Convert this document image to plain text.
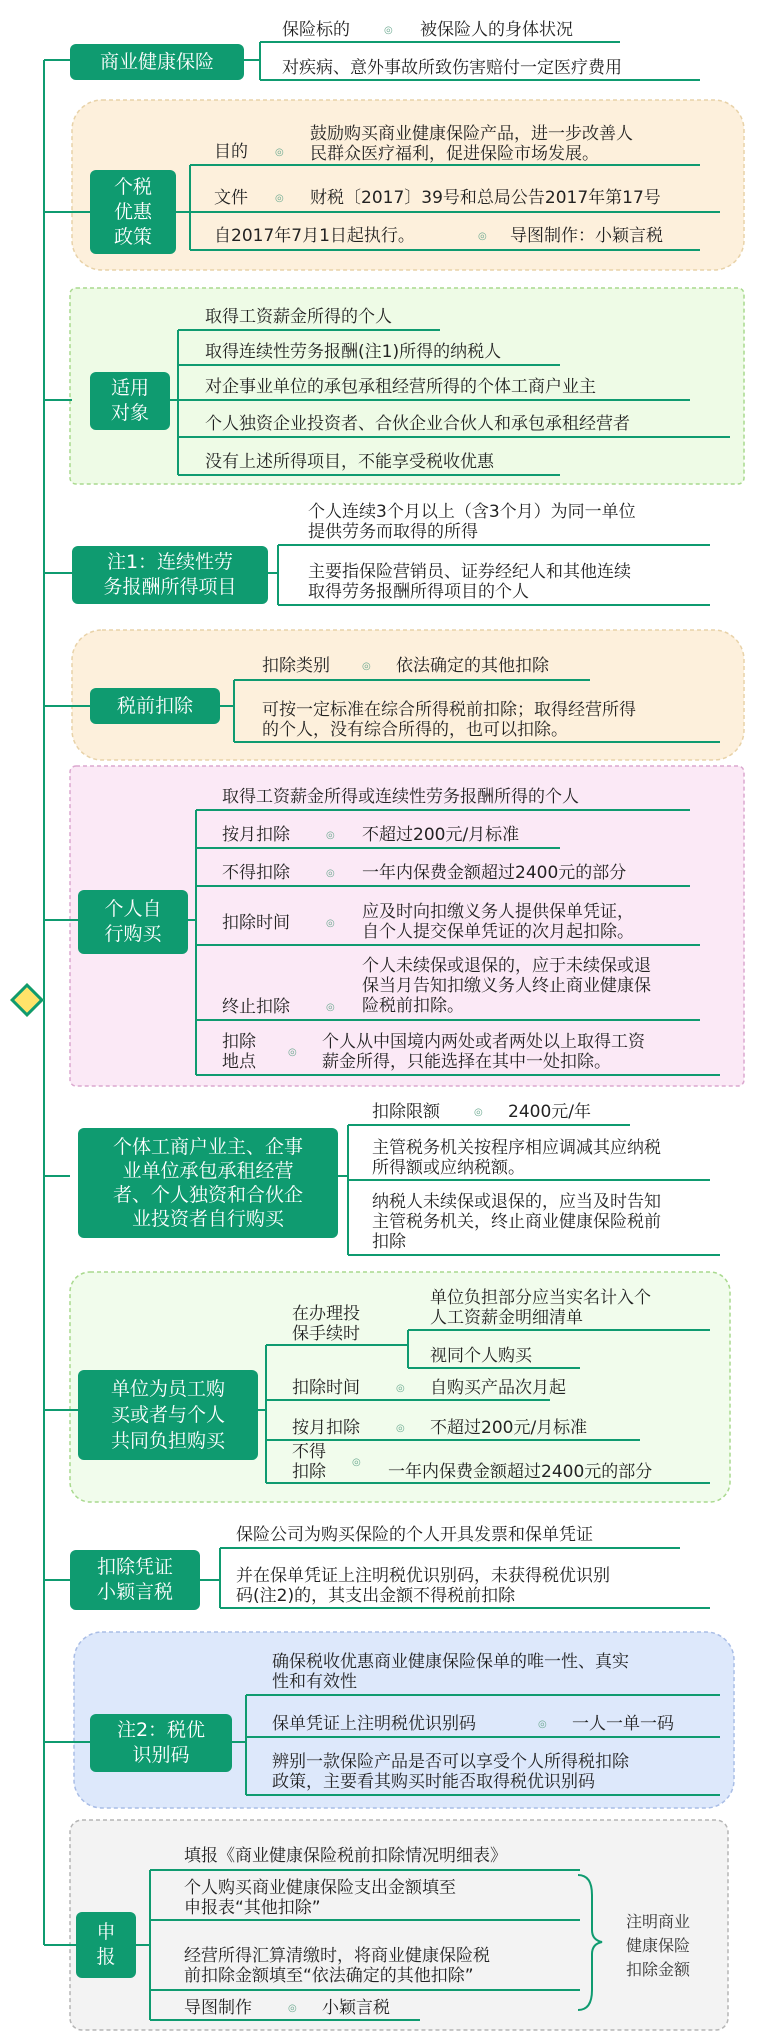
商业健康保险
保险标的	◎ 被保险人的身体状况
对疾病、意外事故所致伤害赔付一定医疗费用
个税
优惠
政策
目的	◎
鼓励购买商业健康保险产品，进一步改善人
民群众医疗福利，促进保险市场发展。
文件	◎ 财税〔2017〕39号和总局公告2017年第17号
自2017年7月1日起执行。	◎ 导图制作：小颖言税
适用
对象
取得工资薪金所得的个人
取得连续性劳务报酬(注1)所得的纳税人
对企事业单位的承包承租经营所得的个体工商户业主
个人独资企业投资者、合伙企业合伙人和承包承租经营者
没有上述所得项目，不能享受税收优惠
注1：连续性劳
务报酬所得项目
个人连续3个月以上（含3个月）为同一单位
提供劳务而取得的所得
主要指保险营销员、证券经纪人和其他连续
取得劳务报酬所得项目的个人
税前扣除
扣除类别	◎ 依法确定的其他扣除
可按一定标准在综合所得税前扣除；取得经营所得
的个人，没有综合所得的，也可以扣除。
个人自
行购买
取得工资薪金所得或连续性劳务报酬所得的个人
按月扣除	◎ 不超过200元/月标准
不得扣除	◎ 一年内保费金额超过2400元的部分
扣除时间	◎
应及时向扣缴义务人提供保单凭证，
自个人提交保单凭证的次月起扣除。
终止扣除	◎
个人未续保或退保的，应于未续保或退
保当月告知扣缴义务人终止商业健康保
险税前扣除。
扣除
地点	◎
个人从中国境内两处或者两处以上取得工资
薪金所得，只能选择在其中一处扣除。
个体工商户业主、企事
业单位承包承租经营
者、个人独资和合伙企
业投资者自行购买
扣除限额	◎ 2400元/年
主管税务机关按程序相应调减其应纳税
所得额或应纳税额。
纳税人未续保或退保的，应当及时告知
主管税务机关，终止商业健康保险税前
扣除
单位为员工购
买或者与个人
共同负担购买
在办理投
保手续时
单位负担部分应当实名计入个
人工资薪金明细清单
视同个人购买
扣除时间	◎ 自购买产品次月起
按月扣除	◎ 不超过200元/月标准
不得
扣除	◎ 一年内保费金额超过2400元的部分
扣除凭证
小颖言税
保险公司为购买保险的个人开具发票和保单凭证
并在保单凭证上注明税优识别码，未获得税优识别
码(注2)的，其支出金额不得税前扣除
注2：税优
识别码
确保税收优惠商业健康保险保单的唯一性、真实
性和有效性
保单凭证上注明税优识别码	◎ 一人一单一码
辨别一款保险产品是否可以享受个人所得税扣除
政策，主要看其购买时能否取得税优识别码
申
报
填报《商业健康保险税前扣除情况明细表》
个人购买商业健康保险支出金额填至
申报表“其他扣除”
经营所得汇算清缴时，将商业健康保险税
前扣除金额填至“依法确定的其他扣除”
导图制作	◎ 小颖言税
注明商业
健康保险
扣除金额
